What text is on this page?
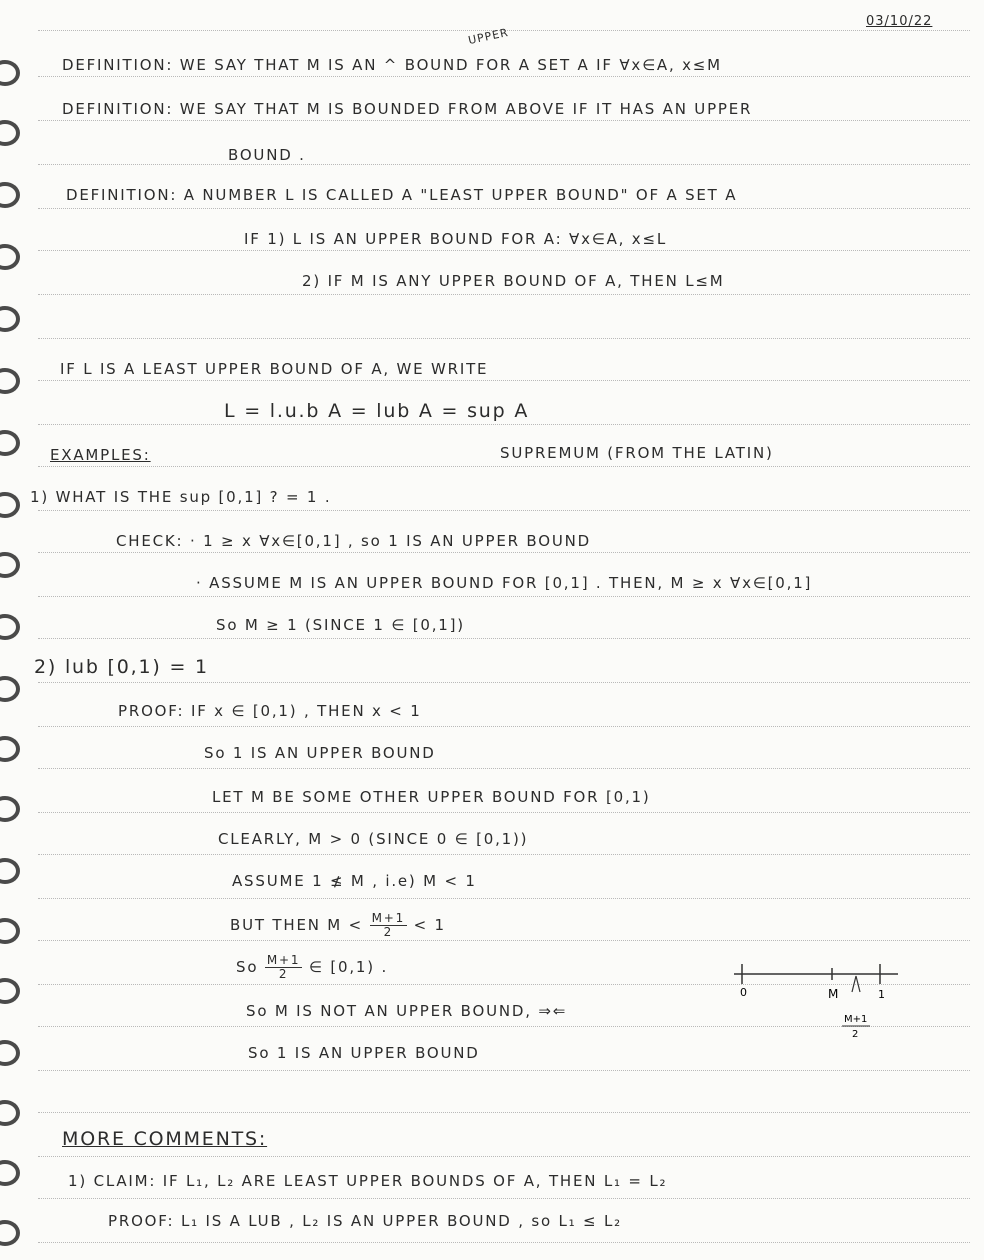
03/10/22
UPPER
DEFINITION: WE SAY THAT M IS AN ^ BOUND FOR A SET A IF ∀x∈A, x≤M
DEFINITION: WE SAY THAT M IS BOUNDED FROM ABOVE IF IT HAS AN UPPER
BOUND .
DEFINITION: A NUMBER L IS CALLED A "LEAST UPPER BOUND" OF A SET A
IF 1) L IS AN UPPER BOUND FOR A: ∀x∈A, x≤L
2) IF M IS ANY UPPER BOUND OF A, THEN L≤M
IF L IS A LEAST UPPER BOUND OF A, WE WRITE
L = l.u.b A = lub A = sup A
SUPREMUM (FROM THE LATIN)
EXAMPLES:
1) WHAT IS THE sup [0,1] ? = 1 .
CHECK: · 1 ≥ x ∀x∈[0,1] , so 1 IS AN UPPER BOUND
· ASSUME M IS AN UPPER BOUND FOR [0,1] . THEN, M ≥ x ∀x∈[0,1]
So M ≥ 1 (SINCE 1 ∈ [0,1])
2) lub [0,1) = 1
PROOF: IF x ∈ [0,1) , THEN x < 1
So 1 IS AN UPPER BOUND
LET M BE SOME OTHER UPPER BOUND FOR [0,1)
CLEARLY, M > 0 (SINCE 0 ∈ [0,1))
ASSUME 1 ≰ M , i.e) M < 1
BUT THEN $M < \frac{M+1}{2} < 1$
So $\frac{M+1}{2}$ ∈ [0,1) .
So M IS NOT AN UPPER BOUND, ⇒⇐
So 1 IS AN UPPER BOUND
0	M	1
M+1
2
MORE COMMENTS:
1) CLAIM: IF L₁, L₂ ARE LEAST UPPER BOUNDS OF A, THEN L₁ = L₂
PROOF: L₁ IS A LUB , L₂ IS AN UPPER BOUND , so L₁ ≤ L₂
